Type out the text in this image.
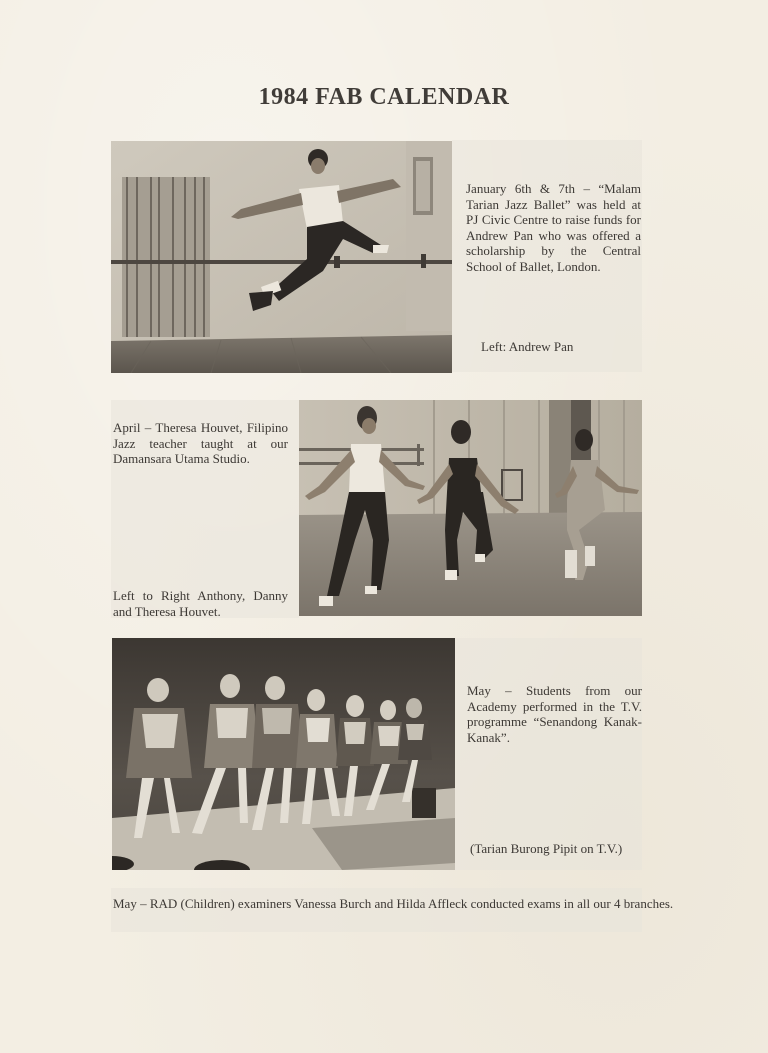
1984 FAB CALENDAR
January 6th & 7th – “Malam Tarian Jazz Ballet” was held at PJ Civic Centre to raise funds for Andrew Pan who was offered a scholarship by the Central School of Ballet, London.
Left: Andrew Pan
April – Theresa Houvet, Filipino Jazz teacher taught at our Damansara Utama Studio.
Left to Right Anthony, Danny and Theresa Houvet.
May – Students from our Academy performed in the T.V. programme “Senandong Kanak-Kanak”.
(Tarian Burong Pipit on T.V.)
May – RAD (Children) examiners Vanessa Burch and Hilda Affleck conducted exams in all our 4 branches.
